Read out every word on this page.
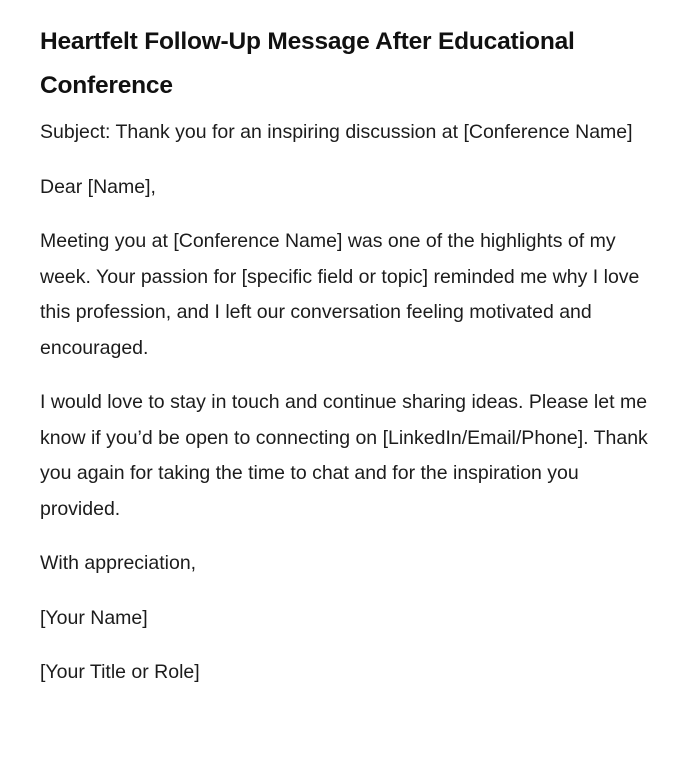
Heartfelt Follow-Up Message After Educational Conference

Subject: Thank you for an inspiring discussion at [Conference Name]

Dear [Name],

Meeting you at [Conference Name] was one of the highlights of my week. Your passion for [specific field or topic] reminded me why I love this profession, and I left our conversation feeling motivated and encouraged.

I would love to stay in touch and continue sharing ideas. Please let me know if you’d be open to connecting on [LinkedIn/Email/Phone]. Thank you again for taking the time to chat and for the inspiration you provided.

With appreciation,

[Your Name]

[Your Title or Role]
